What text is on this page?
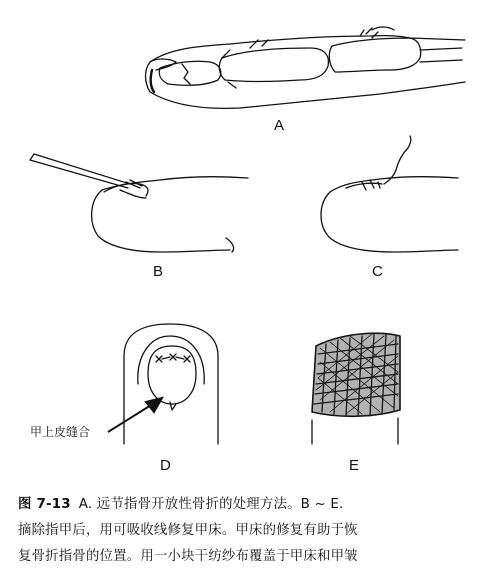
A
B	C
甲上皮缝合
D	E
图 7-13 A. 远节指骨开放性骨折的处理方法。B ~ E.
摘除指甲后，用可吸收线修复甲床。甲床的修复有助于恢
复骨折指骨的位置。用一小块干纺纱布覆盖于甲床和甲皱
